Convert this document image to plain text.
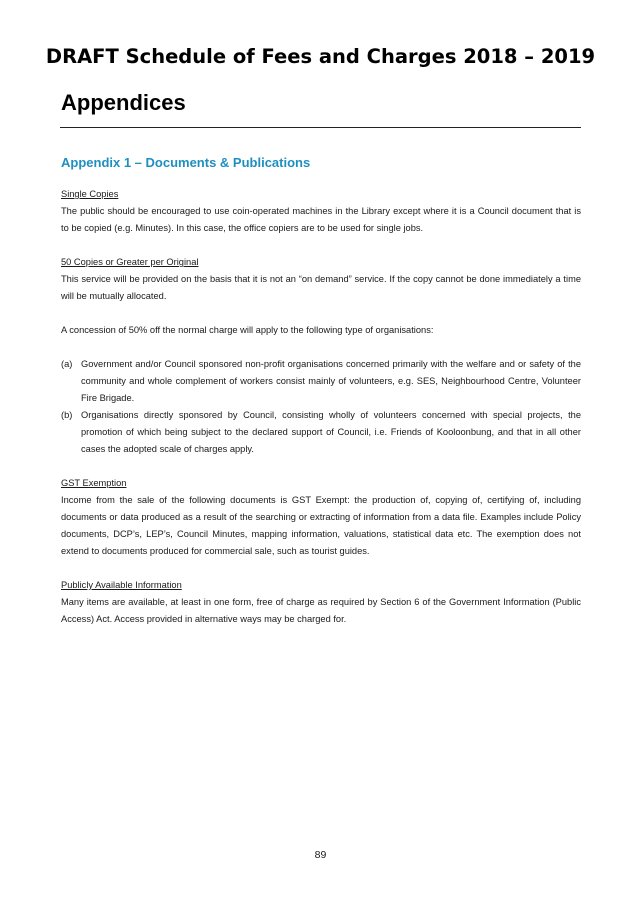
DRAFT Schedule of Fees and Charges 2018 – 2019
Appendices
Appendix 1 – Documents & Publications

Single Copies

The public should be encouraged to use coin-operated machines in the Library except where it is a Council document that is to be copied (e.g. Minutes). In this case, the office copiers are to be used for single jobs.

50 Copies or Greater per Original

This service will be provided on the basis that it is not an “on demand” service. If the copy cannot be done immediately a time will be mutually allocated.

A concession of 50% off the normal charge will apply to the following type of organisations:

(a) Government and/or Council sponsored non-profit organisations concerned primarily with the welfare and or safety of the community and whole complement of workers consist mainly of volunteers, e.g. SES, Neighbourhood Centre, Volunteer Fire Brigade.
(b) Organisations directly sponsored by Council, consisting wholly of volunteers concerned with special projects, the promotion of which being subject to the declared support of Council, i.e. Friends of Kooloonbung, and that in all other cases the adopted scale of charges apply.

GST Exemption

Income from the sale of the following documents is GST Exempt: the production of, copying of, certifying of, including documents or data produced as a result of the searching or extracting of information from a data file. Examples include Policy documents, DCP’s, LEP’s, Council Minutes, mapping information, valuations, statistical data etc. The exemption does not extend to documents produced for commercial sale, such as tourist guides.

Publicly Available Information

Many items are available, at least in one form, free of charge as required by Section 6 of the Government Information (Public Access) Act. Access provided in alternative ways may be charged for.

89
